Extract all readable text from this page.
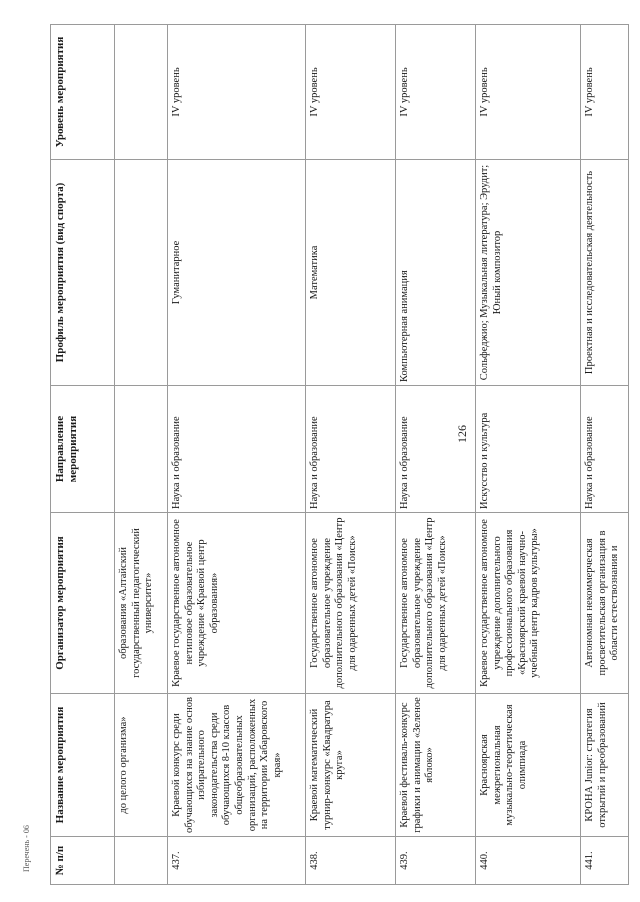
126
Перечень - 06 № п/п	Название мероприятия	Организатор мероприятия	Направление мероприятия	Профиль мероприятия (вид спорта)	Уровень мероприятия
	до целого организма»	образования «Алтайский государственный педагогический университет»			
437.	Краевой конкурс среди обучающихся на знание основ избирательного законодательства среди обучающихся 8-10 классов общеобразовательных организаций, расположенных на территории Хабаровского края»	Краевое государственное автономное нетиповое образовательное учреждение «Краевой центр образования»	Наука и образование	Гуманитарное	IV уровень
438.	Краевой математический турнир-конкурс «Квадратура круга»	Государственное автономное образовательное учреждение дополнительного образования «Центр для одаренных детей «Поиск»	Наука и образование	Математика	IV уровень
439.	Краевой фестиваль-конкурс графики и анимации «Зеленое яблоко»	Государственное автономное образовательное учреждение дополнительного образования «Центр для одаренных детей «Поиск»	Наука и образование	Компьютерная анимация	IV уровень
440.	Красноярская межрегиональная музыкально-теоретическая олимпиада	Краевое государственное автономное учреждение дополнительного профессионального образования «Красноярский краевой научно-учебный центр кадров культуры»	Искусство и культура	Сольфеджио; Музыкальная литература; Эрудит; Юный композитор	IV уровень
441.	КРОНА Junior: стратегия открытий и преобразований	Автономная некоммерческая просветительская организация в области естествознания и	Наука и образование	Проектная и исследовательская деятельность	IV уровень
